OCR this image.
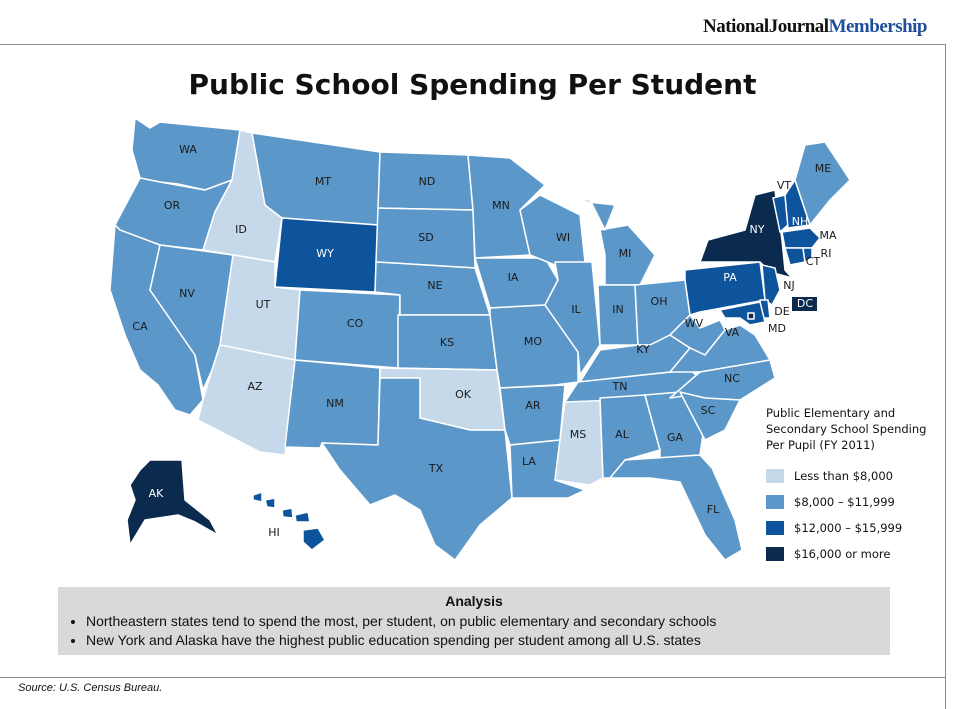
NationalJournalMembership
Public School Spending Per Student
WA
OR
CA
NV
ID
MT
WY
UT
AZ
CO
NM
ND
SD
NE
KS
OK
TX
MN
IA
MO
AR
LA
WI
IL
MS
MI
IN
OH
KY
TN
AL	GA
FL
WV
VA
NC
SC
PA
NY
VT
NH
ME
MA
RI
CT
NJ
DE
MD
DC
AK
HI
Public Elementary and
Secondary School Spending
Per Pupil (FY 2011)
Less than $8,000
$8,000 – $11,999
$12,000 – $15,999
$16,000 or more
Analysis
• Northeastern states tend to spend the most, per student, on public elementary and secondary schools
• New York and Alaska have the highest public education spending per student among all U.S. states
Source: U.S. Census Bureau.
